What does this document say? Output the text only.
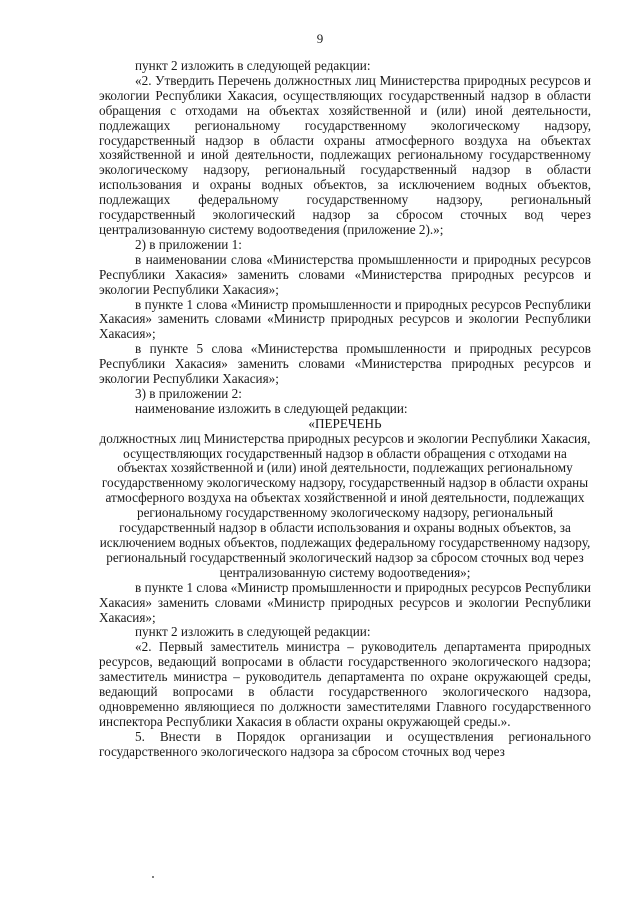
9

пункт 2 изложить в следующей редакции:

«2. Утвердить Перечень должностных лиц Министерства природных ресурсов и экологии Республики Хакасия, осуществляющих государственный надзор в области обращения с отходами на объектах хозяйственной и (или) иной деятельности, подлежащих региональному государственному экологическому надзору, государственный надзор в области охраны атмосферного воздуха на объектах хозяйственной и иной деятельности, подлежащих региональному государственному экологическому надзору, региональный государственный надзор в области использования и охраны водных объектов, за исключением водных объектов, подлежащих федеральному государственному надзору, региональный государственный экологический надзор за сбросом сточных вод через централизованную систему водоотведения (приложение 2).»;

2) в приложении 1:

в наименовании слова «Министерства промышленности и природных ресурсов Республики Хакасия» заменить словами «Министерства природных ресурсов и экологии Республики Хакасия»;

в пункте 1 слова «Министр промышленности и природных ресурсов Республики Хакасия» заменить словами «Министр природных ресурсов и экологии Республики Хакасия»;

в пункте 5 слова «Министерства промышленности и природных ресурсов Республики Хакасия» заменить словами «Министерства природных ресурсов и экологии Республики Хакасия»;

3) в приложении 2:

наименование изложить в следующей редакции:

«ПЕРЕЧЕНЬ

должностных лиц Министерства природных ресурсов и экологии Республики Хакасия, осуществляющих государственный надзор в области обращения с отходами на объектах хозяйственной и (или) иной деятельности, подлежащих региональному государственному экологическому надзору, государственный надзор в области охраны атмосферного воздуха на объектах хозяйственной и иной деятельности, подлежащих региональному государственному экологическому надзору, региональный государственный надзор в области использования и охраны водных объектов, за исключением водных объектов, подлежащих федеральному государственному надзору, региональный государственный экологический надзор за сбросом сточных вод через централизованную систему водоотведения»;

в пункте 1 слова «Министр промышленности и природных ресурсов Республики Хакасия» заменить словами «Министр природных ресурсов и экологии Республики Хакасия»;

пункт 2 изложить в следующей редакции:

«2. Первый заместитель министра – руководитель департамента природных ресурсов, ведающий вопросами в области государственного экологического надзора; заместитель министра – руководитель департамента по охране окружающей среды, ведающий вопросами в области государственного экологического надзора, одновременно являющиеся по должности заместителями Главного государственного инспектора Республики Хакасия в области охраны окружающей среды.».

5. Внести в Порядок организации и осуществления регионального государственного экологического надзора за сбросом сточных вод через
